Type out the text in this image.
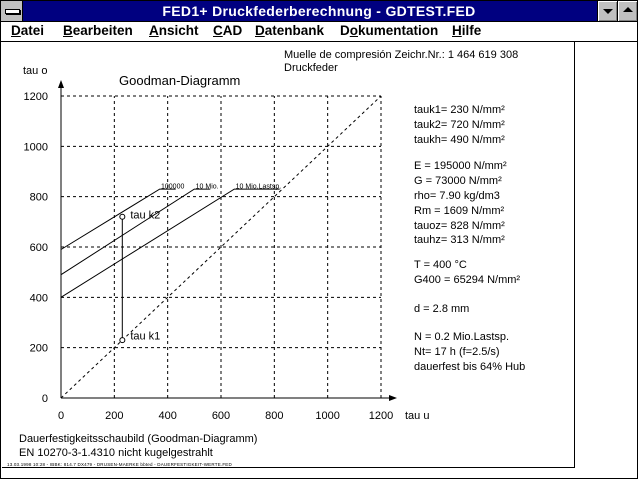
FED1+ Druckfederberechnung - GDTEST.FED
Datei Bearbeiten Ansicht CAD Datenbank Dokumentation Hilfe
Muelle de compresión Zeichr.Nr.: 1 464 619 308
Druckfeder
Goodman-Diagramm
tau o
tau u
0	200	400	600	800	1000	1200
0
200
400
600
800
1000
1200
100000 10 Mio. 10 Mio.Lastsp.
tau k2
tau k1
tauk1= 230 N/mm²
tauk2= 720 N/mm²
taukh= 490 N/mm²
E = 195000 N/mm²
G = 73000 N/mm²
rho= 7.90 kg/dm3
Rm = 1609 N/mm²
tauoz= 828 N/mm²
tauhz= 313 N/mm²
T = 400 °C
G400 = 65294 N/mm²
d = 2.8 mm
N = 0.2 Mio.Lastsp.
Nt= 17 h (f=2.5/s)
dauerfest bis 64% Hub
Dauerfestigkeitsschaubild (Goodman-Diagramm)
EN 10270-3-1.4310 nicht kugelgestrahlt
13.03.1998 10:28 - IBBK: 814.7 DX479 - DRUSEN-MAERKE bbted - DAUERFESTIGKEIT-WERTE.FED
